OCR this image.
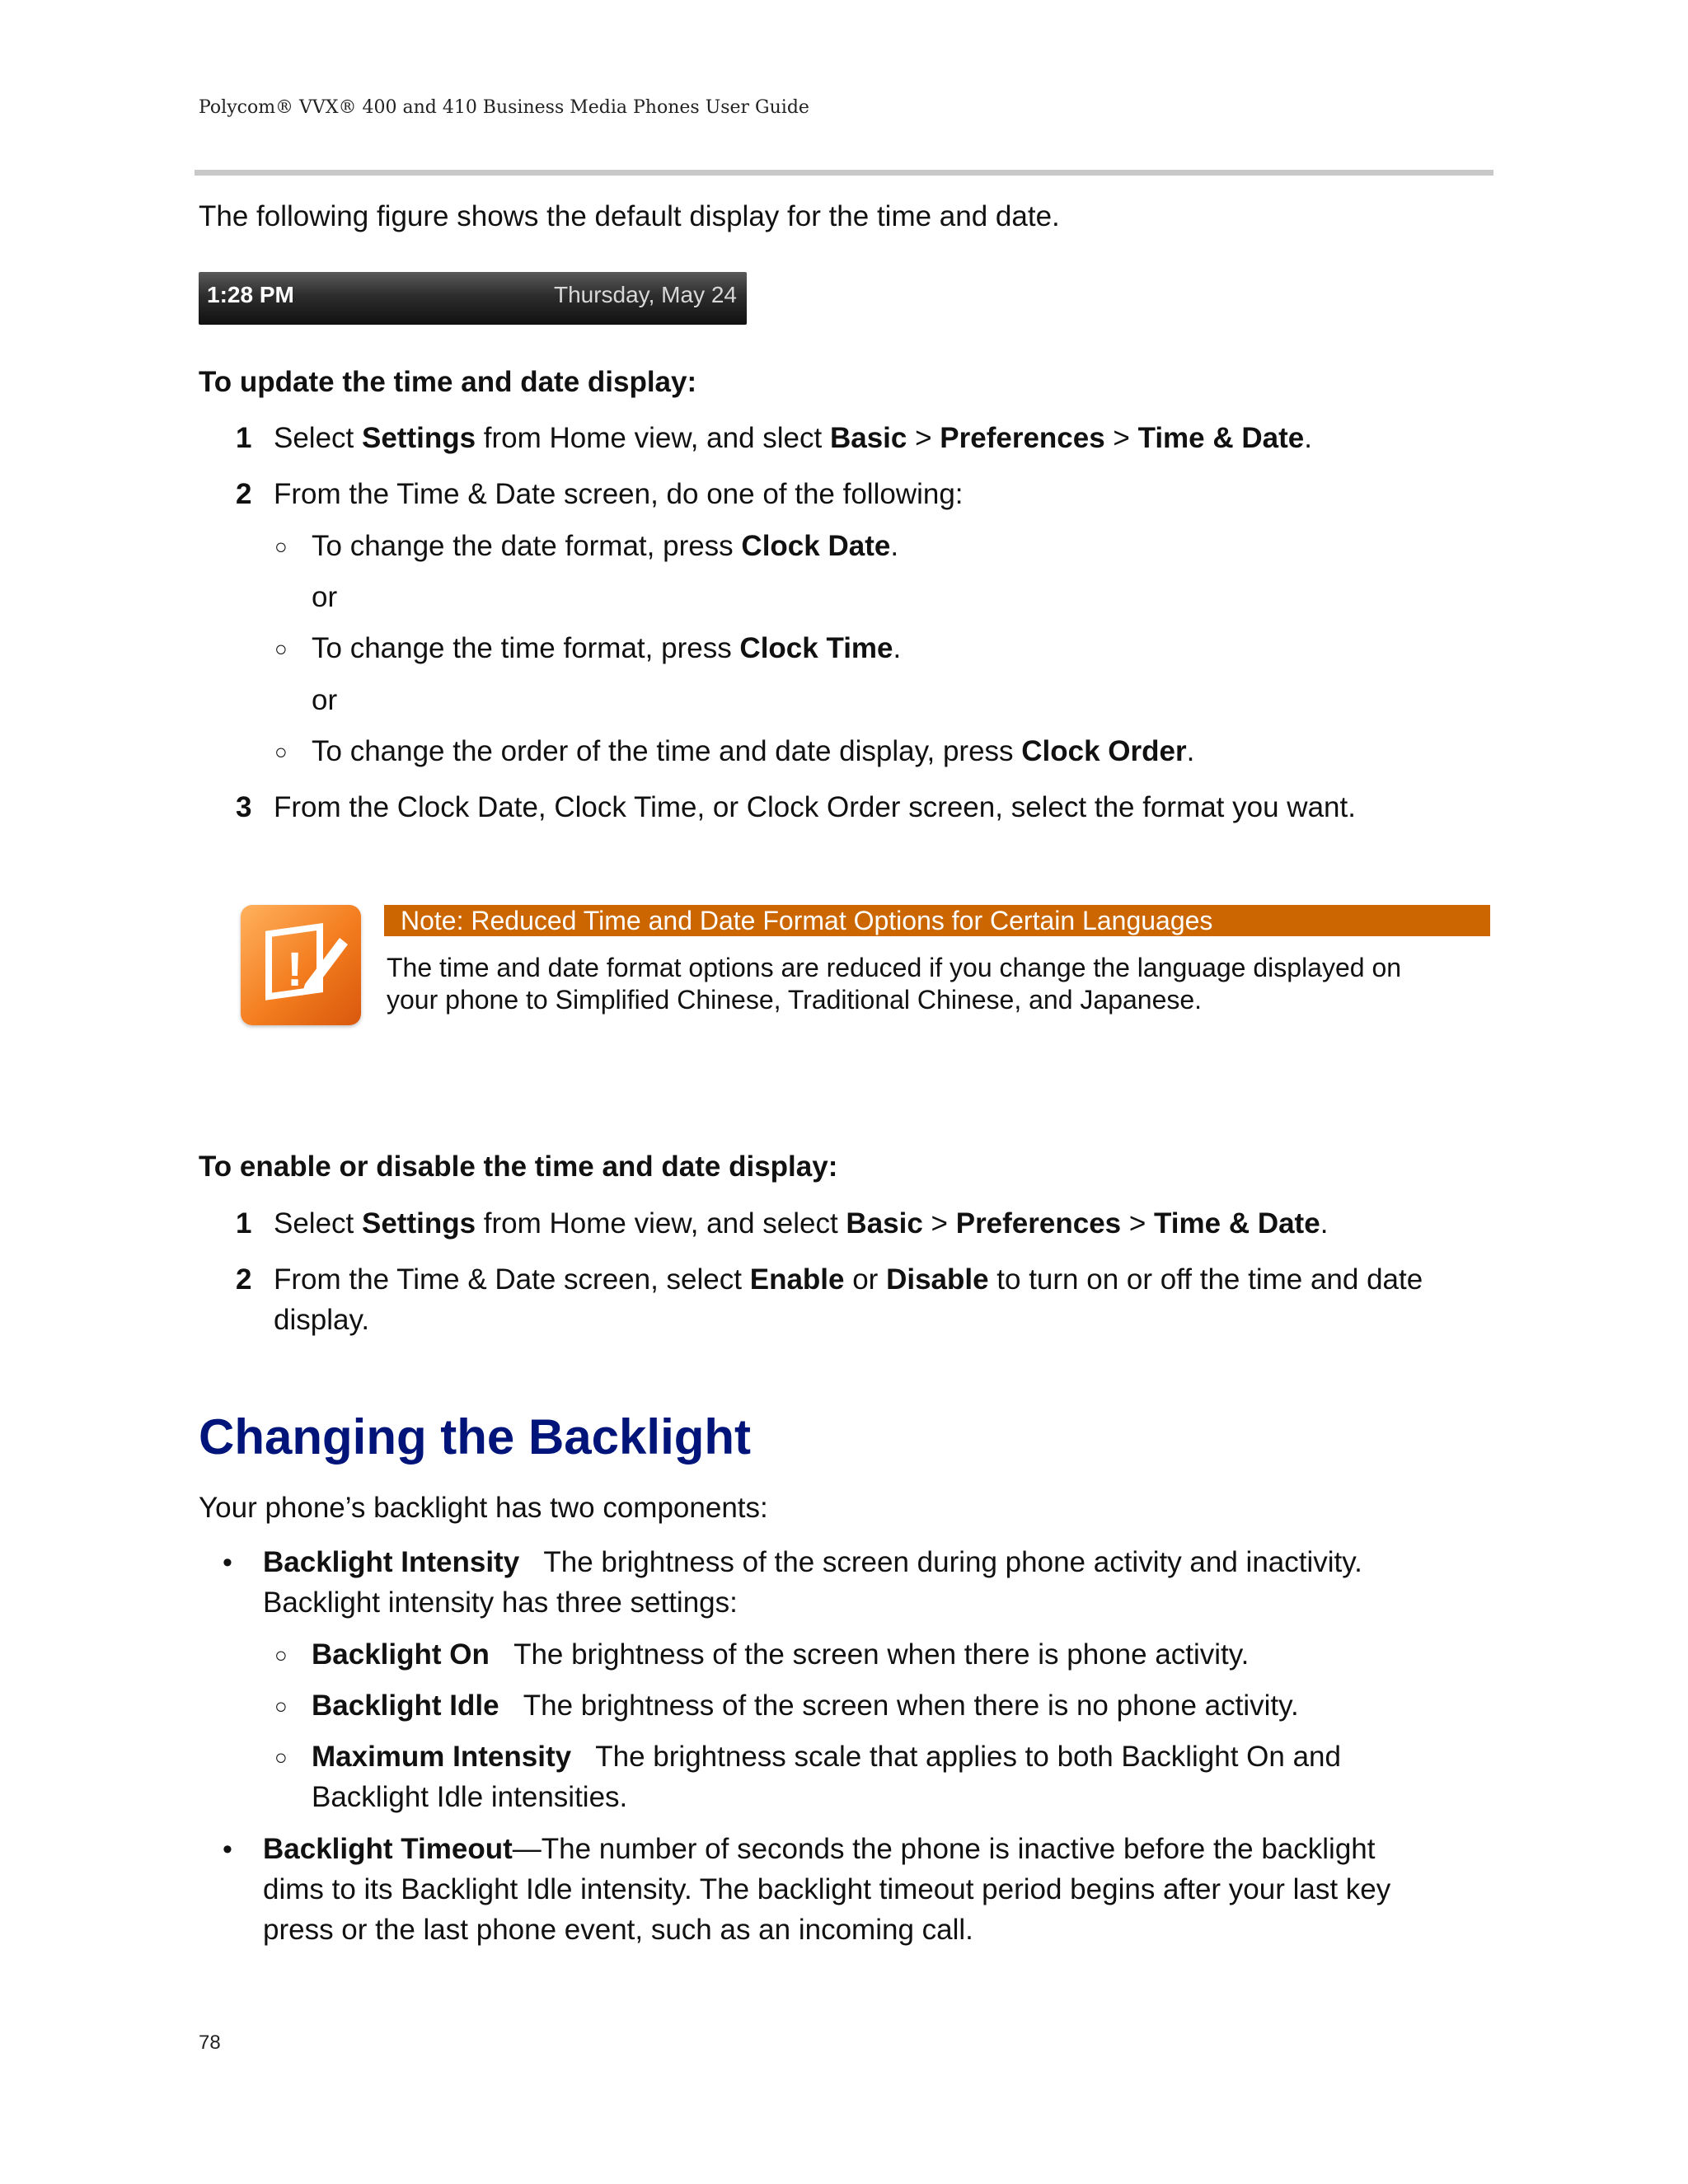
Polycom® VVX® 400 and 410 Business Media Phones User Guide
The following figure shows the default display for the time and date.
1:28 PM	Thursday, May 24
To update the time and date display:
1 Select Settings from Home view, and slect Basic > Preferences > Time & Date.
2 From the Time & Date screen, do one of the following:
○ To change the date format, press Clock Date.
or
○ To change the time format, press Clock Time.
or
○ To change the order of the time and date display, press Clock Order.
3 From the Clock Date, Clock Time, or Clock Order screen, select the format you want.
!
Note: Reduced Time and Date Format Options for Certain Languages
The time and date format options are reduced if you change the language displayed on
your phone to Simplified Chinese, Traditional Chinese, and Japanese.
To enable or disable the time and date display:
1 Select Settings from Home view, and select Basic > Preferences > Time & Date.
2 From the Time & Date screen, select Enable or Disable to turn on or off the time and date
display.
Changing the Backlight
Your phone’s backlight has two components:
• Backlight Intensity The brightness of the screen during phone activity and inactivity.
Backlight intensity has three settings:
○ Backlight On The brightness of the screen when there is phone activity.
○ Backlight Idle The brightness of the screen when there is no phone activity.
○ Maximum Intensity The brightness scale that applies to both Backlight On and
Backlight Idle intensities.
• Backlight Timeout—The number of seconds the phone is inactive before the backlight
dims to its Backlight Idle intensity. The backlight timeout period begins after your last key
press or the last phone event, such as an incoming call.
78
